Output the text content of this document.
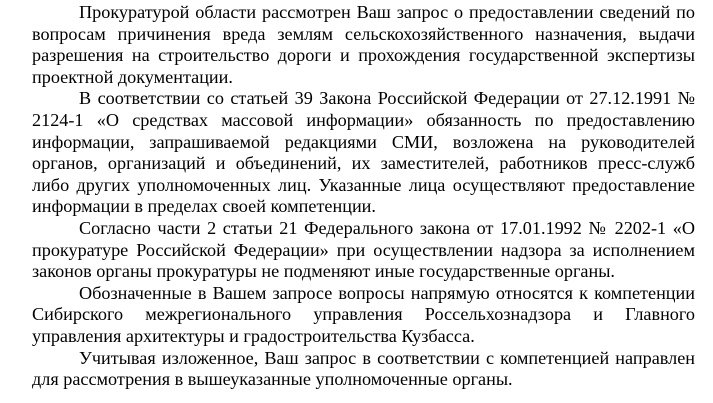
Прокуратурой области рассмотрен Ваш запрос о предоставлении сведений по вопросам причинения вреда землям сельскохозяйственного назначения, выдачи разрешения на строительство дороги и прохождения государственной экспертизы проектной документации.

В соответствии со статьей 39 Закона Российской Федерации от 27.12.1991 № 2124-1 «О средствах массовой информации» обязанность по предоставлению информации, запрашиваемой редакциями СМИ, возложена на руководителей органов, организаций и объединений, их заместителей, работников пресс-служб либо других уполномоченных лиц. Указанные лица осуществляют предоставление информации в пределах своей компетенции.

Согласно части 2 статьи 21 Федерального закона от 17.01.1992 № 2202-1 «О прокуратуре Российской Федерации» при осуществлении надзора за исполнением законов органы прокуратуры не подменяют иные государственные органы.

Обозначенные в Вашем запросе вопросы напрямую относятся к компетенции Сибирского межрегионального управления Россельхознадзора и Главного управления архитектуры и градостроительства Кузбасса.

Учитывая изложенное, Ваш запрос в соответствии с компетенцией направлен для рассмотрения в вышеуказанные уполномоченные органы.
